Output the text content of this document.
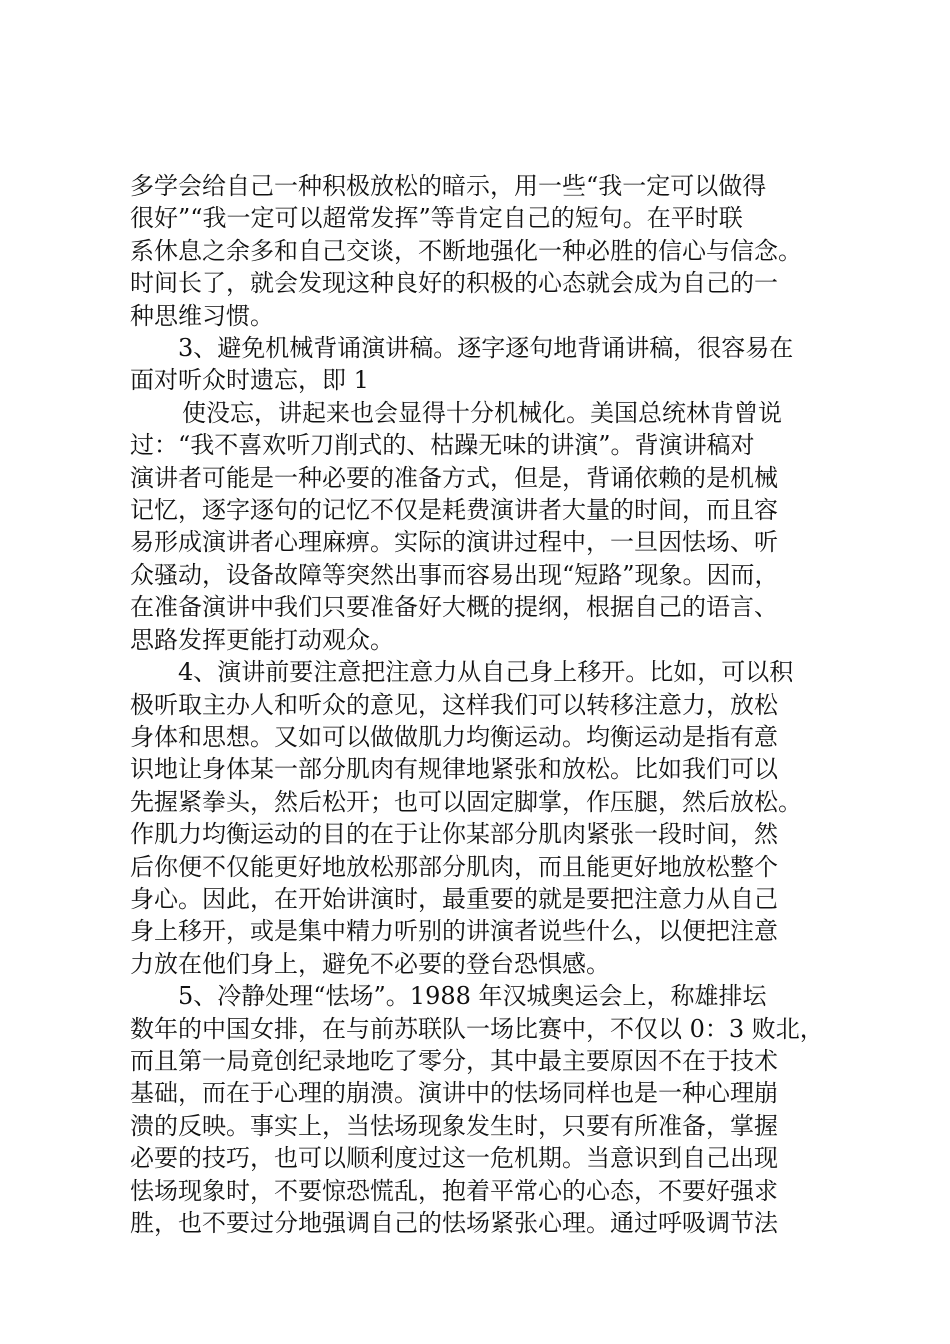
多学会给自己一种积极放松的暗示，用一些“我一定可以做得
很好”“我一定可以超常发挥”等肯定自己的短句。在平时联
系休息之余多和自己交谈，不断地强化一种必胜的信心与信念。
时间长了，就会发现这种良好的积极的心态就会成为自己的一
种思维习惯。

3、避免机械背诵演讲稿。逐字逐句地背诵讲稿，很容易在
面对听众时遗忘，即 1

使没忘，讲起来也会显得十分机械化。美国总统林肯曾说
过：“我不喜欢听刀削式的、枯躁无味的讲演”。背演讲稿对
演讲者可能是一种必要的准备方式，但是，背诵依赖的是机械
记忆，逐字逐句的记忆不仅是耗费演讲者大量的时间，而且容
易形成演讲者心理麻痹。实际的演讲过程中，一旦因怯场、听
众骚动，设备故障等突然出事而容易出现“短路”现象。因而，
在准备演讲中我们只要准备好大概的提纲，根据自己的语言、
思路发挥更能打动观众。

4、演讲前要注意把注意力从自己身上移开。比如，可以积
极听取主办人和听众的意见，这样我们可以转移注意力，放松
身体和思想。又如可以做做肌力均衡运动。均衡运动是指有意
识地让身体某一部分肌肉有规律地紧张和放松。比如我们可以
先握紧拳头，然后松开；也可以固定脚掌，作压腿，然后放松。
作肌力均衡运动的目的在于让你某部分肌肉紧张一段时间，然
后你便不仅能更好地放松那部分肌肉，而且能更好地放松整个
身心。因此，在开始讲演时，最重要的就是要把注意力从自己
身上移开，或是集中精力听别的讲演者说些什么，以便把注意
力放在他们身上，避免不必要的登台恐惧感。

5、冷静处理“怯场”。1988 年汉城奥运会上，称雄排坛
数年的中国女排，在与前苏联队一场比赛中，不仅以 0：3 败北，
而且第一局竟创纪录地吃了零分，其中最主要原因不在于技术
基础，而在于心理的崩溃。演讲中的怯场同样也是一种心理崩
溃的反映。事实上，当怯场现象发生时，只要有所准备，掌握
必要的技巧，也可以顺利度过这一危机期。当意识到自己出现
怯场现象时，不要惊恐慌乱，抱着平常心的心态，不要好强求
胜，也不要过分地强调自己的怯场紧张心理。通过呼吸调节法
